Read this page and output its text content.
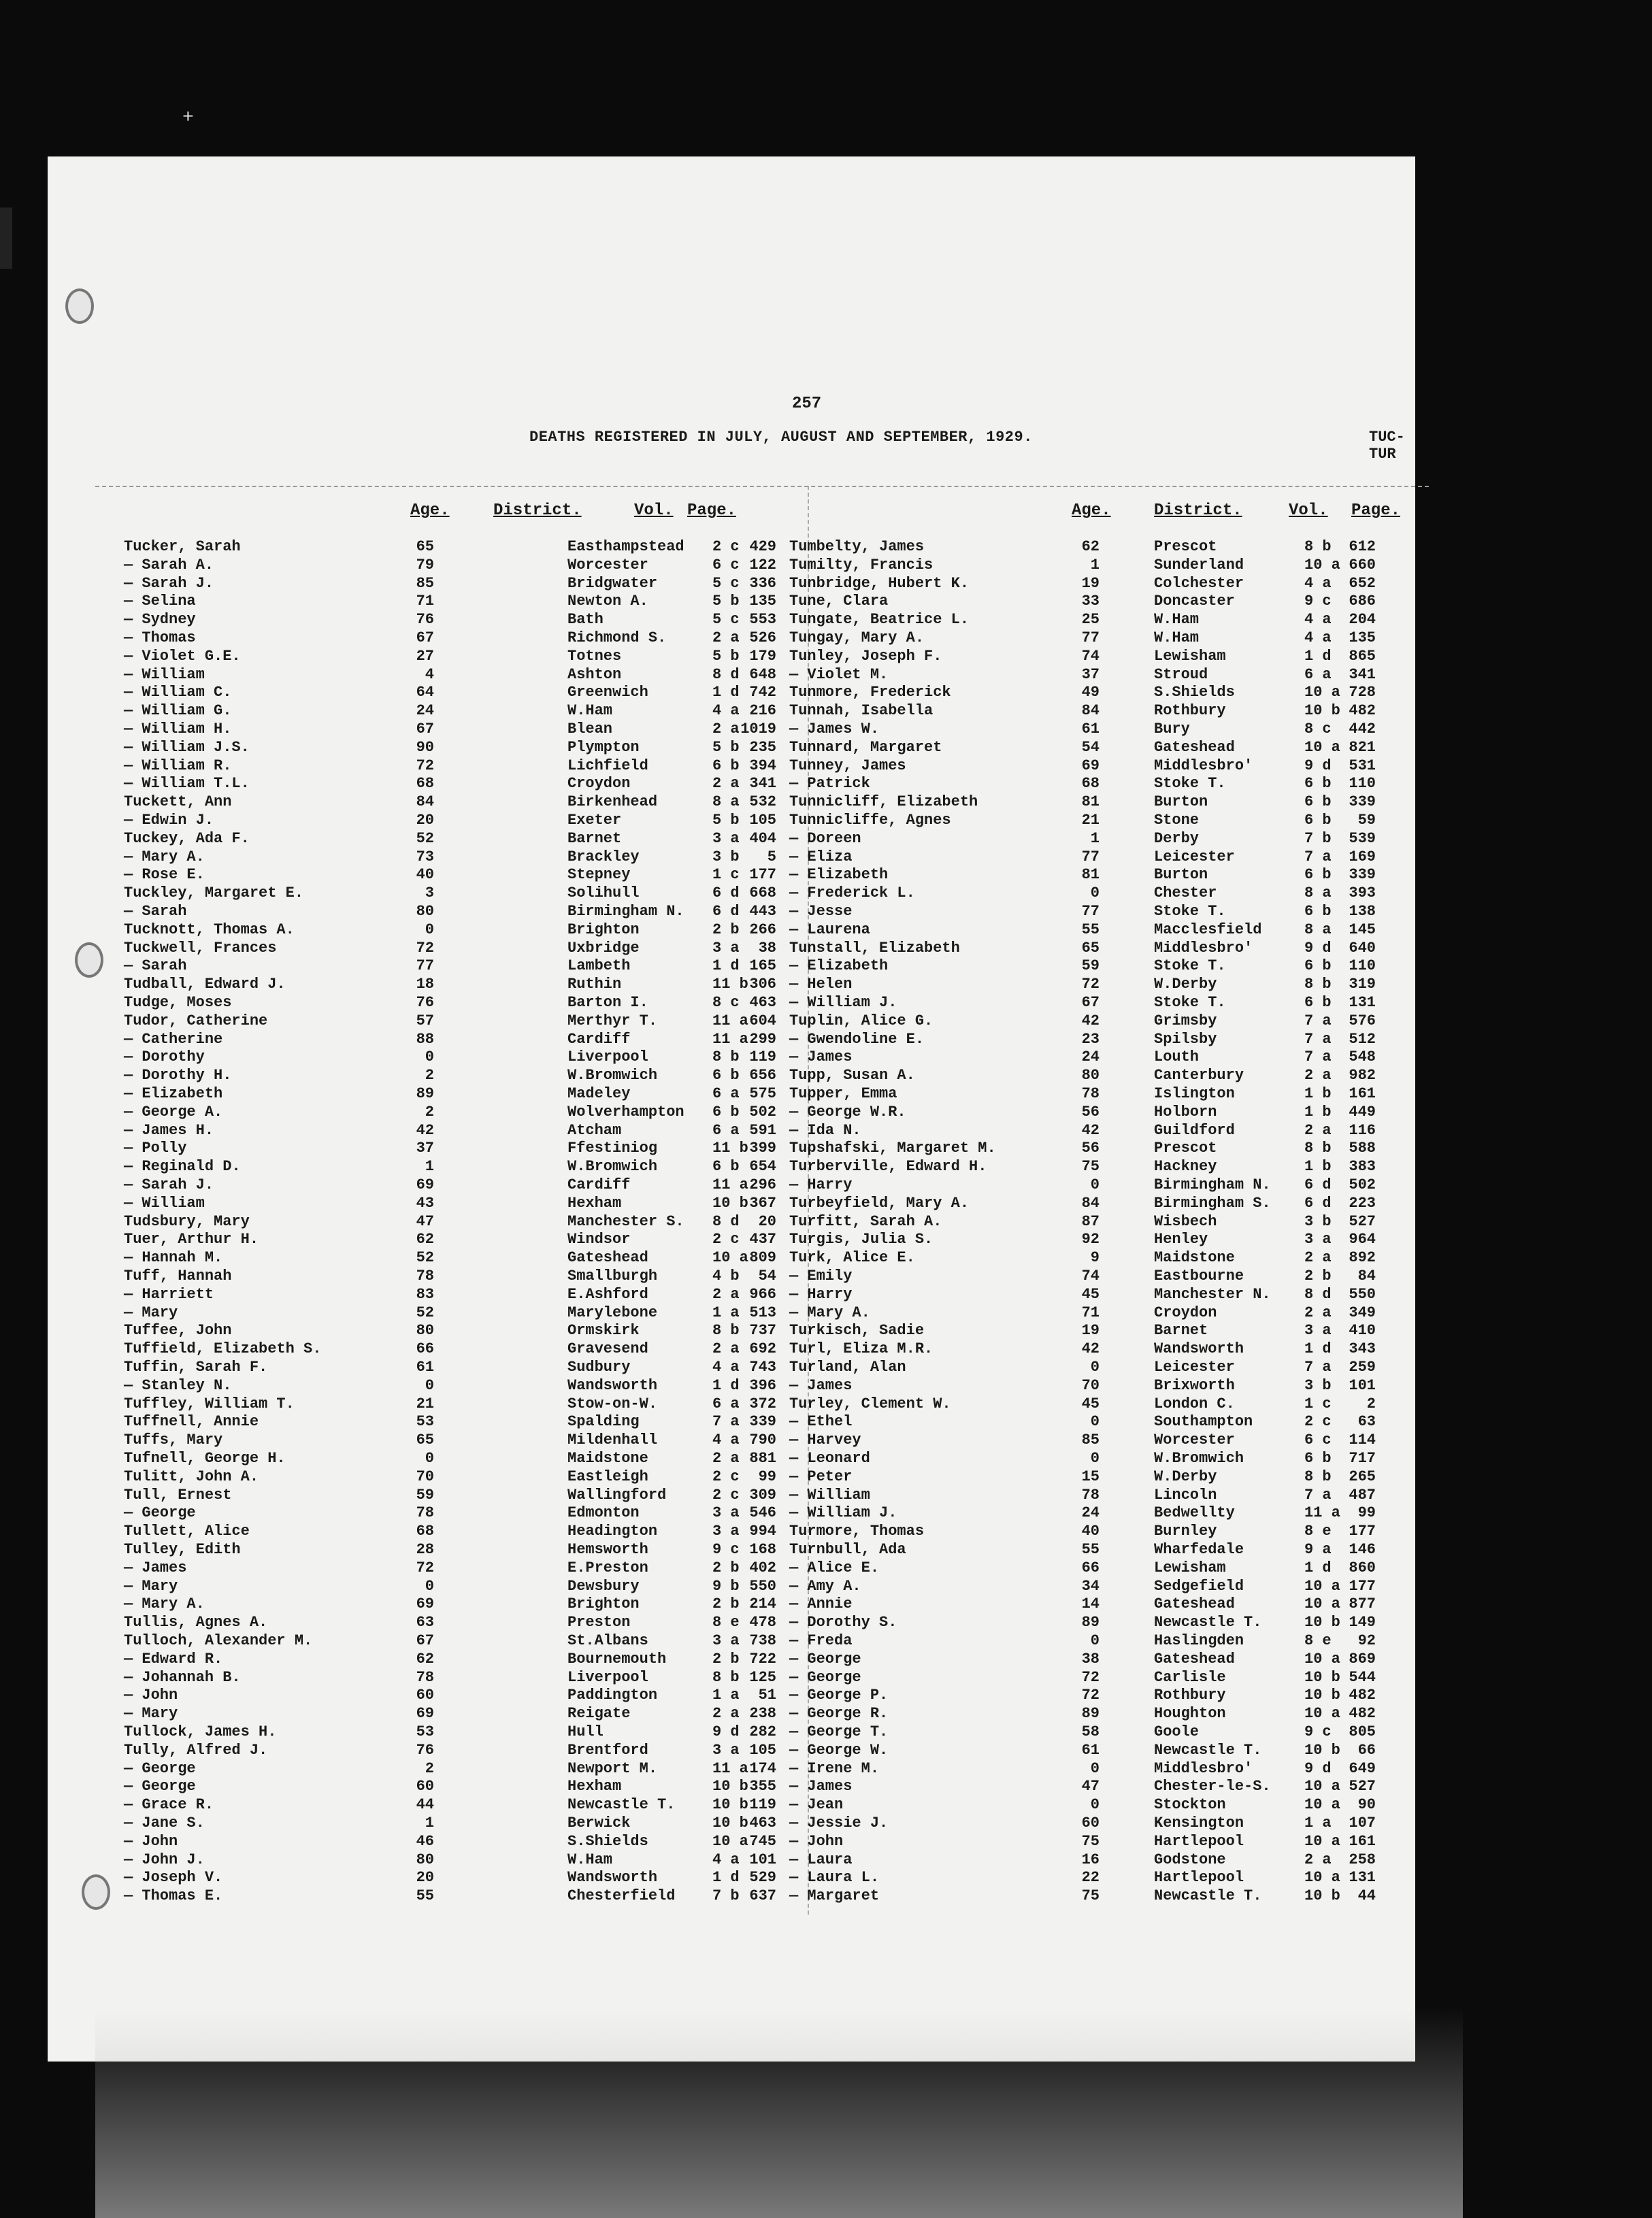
257
DEATHS REGISTERED IN JULY, AUGUST AND SEPTEMBER, 1929.	TUC-TUR
Age.	District.	Vol. Page.	Age.	District.	Vol. Page.
Tucker, Sarah	65	Easthampstead 2 c 429
— Sarah A.	79	Worcester	6 c 122
— Sarah J.	85	Bridgwater	5 c 336
— Selina	71	Newton A.	5 b 135
— Sydney	76	Bath	5 c 553
— Thomas	67	Richmond S.	2 a 526
— Violet G.E.	27	Totnes	5 b 179
— William	4	Ashton	8 d 648
— William C.	64	Greenwich	1 d 742
— William G.	24	W.Ham	4 a 216
— William H.	67	Blean	2 a 1019
— William J.S.	90	Plympton	5 b 235
— William R.	72	Lichfield	6 b 394
— William T.L.	68	Croydon	2 a 341
Tuckett, Ann	84	Birkenhead	8 a 532
— Edwin J.	20	Exeter	5 b 105
Tuckey, Ada F.	52	Barnet	3 a 404
— Mary A.	73	Brackley	3 b	5
— Rose E.	40	Stepney	1 c 177
Tuckley, Margaret E.	3	Solihull	6 d 668
— Sarah	80	Birmingham N. 6 d 443
Tucknott, Thomas A.	0	Brighton	2 b 266
Tuckwell, Frances	72	Uxbridge	3 a	38
— Sarah	77	Lambeth	1 d 165
Tudball, Edward J.	18	Ruthin	11 b 306
Tudge, Moses	76	Barton I.	8 c 463
Tudor, Catherine	57	Merthyr T.	11 a 604
— Catherine	88	Cardiff	11 a 299
— Dorothy	0	Liverpool	8 b 119
— Dorothy H.	2	W.Bromwich	6 b 656
— Elizabeth	89	Madeley	6 a 575
— George A.	2	Wolverhampton 6 b 502
— James H.	42	Atcham	6 a 591
— Polly	37	Ffestiniog	11 b 399
— Reginald D.	1	W.Bromwich	6 b 654
— Sarah J.	69	Cardiff	11 a 296
— William	43	Hexham	10 b 367
Tudsbury, Mary	47	Manchester S. 8 d	20
Tuer, Arthur H.	62	Windsor	2 c 437
— Hannah M.	52	Gateshead	10 a 809
Tuff, Hannah	78	Smallburgh	4 b	54
— Harriett	83	E.Ashford	2 a 966
— Mary	52	Marylebone	1 a 513
Tuffee, John	80	Ormskirk	8 b 737
Tuffield, Elizabeth S.	66	Gravesend	2 a 692
Tuffin, Sarah F.	61	Sudbury	4 a 743
— Stanley N.	0	Wandsworth	1 d 396
Tuffley, William T.	21	Stow-on-W.	6 a 372
Tuffnell, Annie	53	Spalding	7 a 339
Tuffs, Mary	65	Mildenhall	4 a 790
Tufnell, George H.	0	Maidstone	2 a 881
Tulitt, John A.	70	Eastleigh	2 c	99
Tull, Ernest	59	Wallingford	2 c 309
— George	78	Edmonton	3 a 546
Tullett, Alice	68	Headington	3 a 994
Tulley, Edith	28	Hemsworth	9 c 168
— James	72	E.Preston	2 b 402
— Mary	0	Dewsbury	9 b 550
— Mary A.	69	Brighton	2 b 214
Tullis, Agnes A.	63	Preston	8 e 478
Tulloch, Alexander M.	67	St.Albans	3 a 738
— Edward R.	62	Bournemouth	2 b 722
— Johannah B.	78	Liverpool	8 b 125
— John	60	Paddington	1 a	51
— Mary	69	Reigate	2 a 238
Tullock, James H.	53	Hull	9 d 282
Tully, Alfred J.	76	Brentford	3 a 105
— George	2	Newport M.	11 a 174
— George	60	Hexham	10 b 355
— Grace R.	44	Newcastle T. 10 b 119
— Jane S.	1	Berwick	10 b 463
— John	46	S.Shields	10 a 745
— John J.	80	W.Ham	4 a 101
— Joseph V.	20	Wandsworth	1 d 529
— Thomas E.	55	Chesterfield 7 b 637
Tumbelty, James	62	Prescot	8 b	612
Tumilty, Francis	1	Sunderland	10 a 660
Tunbridge, Hubert K.	19	Colchester	4 a	652
Tune, Clara	33	Doncaster	9 c	686
Tungate, Beatrice L.	25	W.Ham	4 a	204
Tungay, Mary A.	77	W.Ham	4 a	135
Tunley, Joseph F.	74	Lewisham	1 d	865
— Violet M.	37	Stroud	6 a	341
Tunmore, Frederick	49	S.Shields	10 a 728
Tunnah, Isabella	84	Rothbury	10 b 482
— James W.	61	Bury	8 c	442
Tunnard, Margaret	54	Gateshead	10 a 821
Tunney, James	69	Middlesbro'	9 d	531
— Patrick	68	Stoke T.	6 b	110
Tunnicliff, Elizabeth	81	Burton	6 b	339
Tunnicliffe, Agnes	21	Stone	6 b	59
— Doreen	1	Derby	7 b	539
— Eliza	77	Leicester	7 a	169
— Elizabeth	81	Burton	6 b	339
— Frederick L.	0	Chester	8 a	393
— Jesse	77	Stoke T.	6 b	138
— Laurena	55	Macclesfield	8 a	145
Tunstall, Elizabeth	65	Middlesbro'	9 d	640
— Elizabeth	59	Stoke T.	6 b	110
— Helen	72	W.Derby	8 b	319
— William J.	67	Stoke T.	6 b	131
Tuplin, Alice G.	42	Grimsby	7 a	576
— Gwendoline E.	23	Spilsby	7 a	512
— James	24	Louth	7 a	548
Tupp, Susan A.	80	Canterbury	2 a	982
Tupper, Emma	78	Islington	1 b	161
— George W.R.	56	Holborn	1 b	449
— Ida N.	42	Guildford	2 a	116
Tupshafski, Margaret M.	56	Prescot	8 b	588
Turberville, Edward H.	75	Hackney	1 b	383
— Harry	0	Birmingham N. 6 d	502
Turbeyfield, Mary A.	84	Birmingham S. 6 d	223
Turfitt, Sarah A.	87	Wisbech	3 b	527
Turgis, Julia S.	92	Henley	3 a	964
Turk, Alice E.	9	Maidstone	2 a	892
— Emily	74	Eastbourne	2 b	84
— Harry	45	Manchester N. 8 d	550
— Mary A.	71	Croydon	2 a	349
Turkisch, Sadie	19	Barnet	3 a	410
Turl, Eliza M.R.	42	Wandsworth	1 d	343
Turland, Alan	0	Leicester	7 a	259
— James	70	Brixworth	3 b	101
Turley, Clement W.	45	London C.	1 c	2
— Ethel	0	Southampton	2 c	63
— Harvey	85	Worcester	6 c	114
— Leonard	0	W.Bromwich	6 b	717
— Peter	15	W.Derby	8 b	265
— William	78	Lincoln	7 a	487
— William J.	24	Bedwellty	11 a	99
Turmore, Thomas	40	Burnley	8 e	177
Turnbull, Ada	55	Wharfedale	9 a	146
— Alice E.	66	Lewisham	1 d	860
— Amy A.	34	Sedgefield	10 a 177
— Annie	14	Gateshead	10 a 877
— Dorothy S.	89	Newcastle T.	10 b 149
— Freda	0	Haslingden	8 e	92
— George	38	Gateshead	10 a 869
— George	72	Carlisle	10 b 544
— George P.	72	Rothbury	10 b 482
— George R.	89	Houghton	10 a 482
— George T.	58	Goole	9 c	805
— George W.	61	Newcastle T.	10 b	66
— Irene M.	0	Middlesbro'	9 d	649
— James	47	Chester-le-S. 10 a 527
— Jean	0	Stockton	10 a	90
— Jessie J.	60	Kensington	1 a	107
— John	75	Hartlepool	10 a 161
— Laura	16	Godstone	2 a	258
— Laura L.	22	Hartlepool	10 a 131
— Margaret	75	Newcastle T.	10 b	44
+
